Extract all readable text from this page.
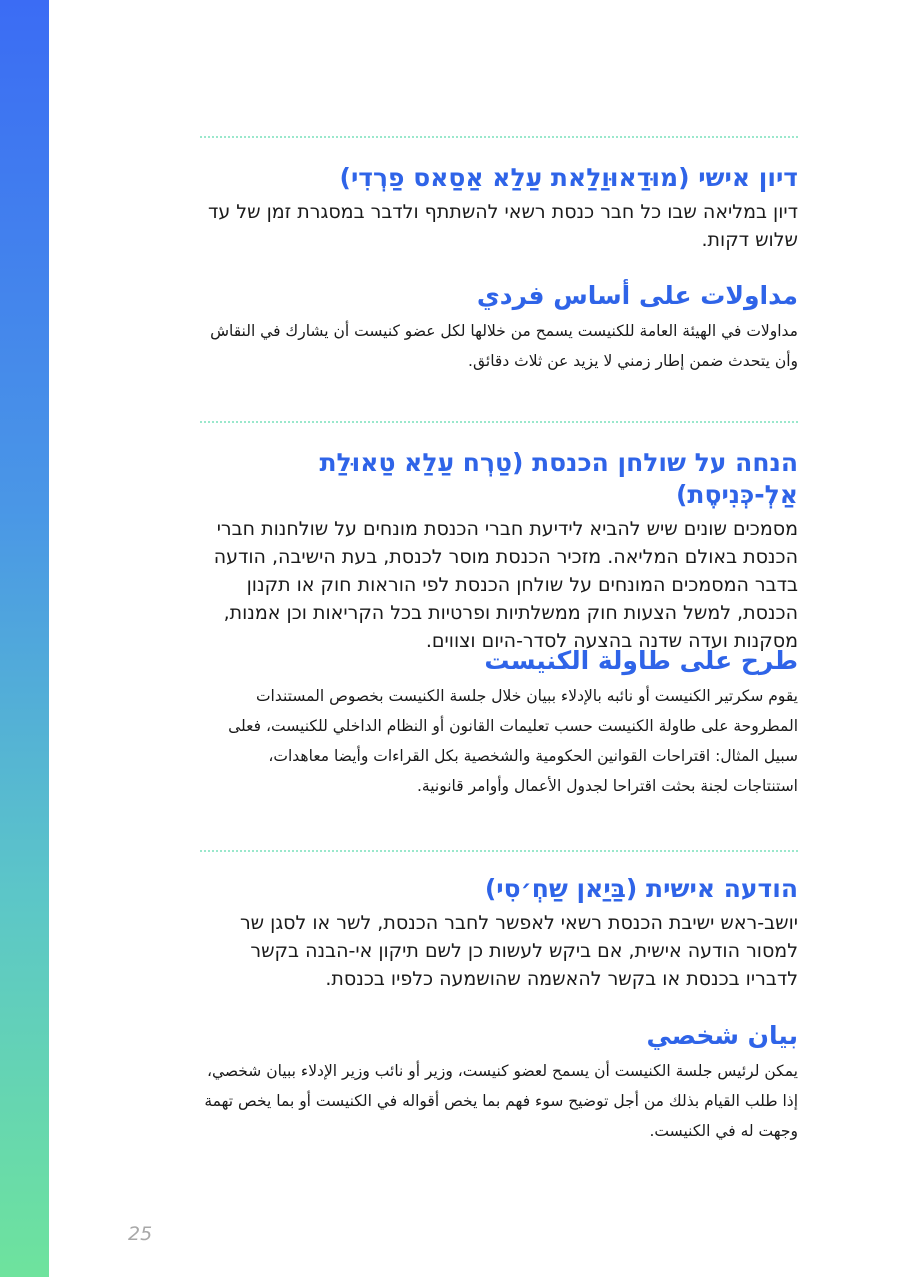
דיון אישי (מוּדַאוּוַלַאת עַלַא אַסַאס פַרְדִי)

דיון במליאה שבו כל חבר כנסת רשאי להשתתף ולדבר במסגרת זמן של עד שלוש דקות.

مداولات على أساس فردي

مداولات في الهيئة العامة للكنيست يسمح من خلالها لكل عضو كنيست أن يشارك في النقاش وأن يتحدث ضمن إطار زمني لا يزيد عن ثلاث دقائق.

הנחה על שולחן הכנסת (טַרְח עַלַא טַאוּלַת אַלְ-כְּנִיסֶת)

מסמכים שונים שיש להביא לידיעת חברי הכנסת מונחים על שולחנות חברי הכנסת באולם המליאה. מזכיר הכנסת מוסר לכנסת, בעת הישיבה, הודעה בדבר המסמכים המונחים על שולחן הכנסת לפי הוראות חוק או תקנון הכנסת, למשל הצעות חוק ממשלתיות ופרטיות בכל הקריאות וכן אמנות, מסקנות ועדה שדנה בהצעה לסדר-היום וצווים.

طرح على طاولة الكنيست

يقوم سكرتير الكنيست أو نائبه بالإدلاء ببيان خلال جلسة الكنيست بخصوص المستندات المطروحة على طاولة الكنيست حسب تعليمات القانون أو النظام الداخلي للكنيست، فعلى سبيل المثال: اقتراحات القوانين الحكومية والشخصية بكل القراءات وأيضا معاهدات، استنتاجات لجنة بحثت اقتراحا لجدول الأعمال وأوامر قانونية.

הודעה אישית (בַּיַאן שַחְ׳סִי)

יושב-ראש ישיבת הכנסת רשאי לאפשר לחבר הכנסת, לשר או לסגן שר למסור הודעה אישית, אם ביקש לעשות כן לשם תיקון אי-הבנה בקשר לדבריו בכנסת או בקשר להאשמה שהושמעה כלפיו בכנסת.

بيان شخصي

يمكن لرئيس جلسة الكنيست أن يسمح لعضو كنيست، وزير أو نائب وزير الإدلاء ببيان شخصي، إذا طلب القيام بذلك من أجل توضيح سوء فهم بما يخص أقواله في الكنيست أو بما يخص تهمة وجهت له في الكنيست.

25
